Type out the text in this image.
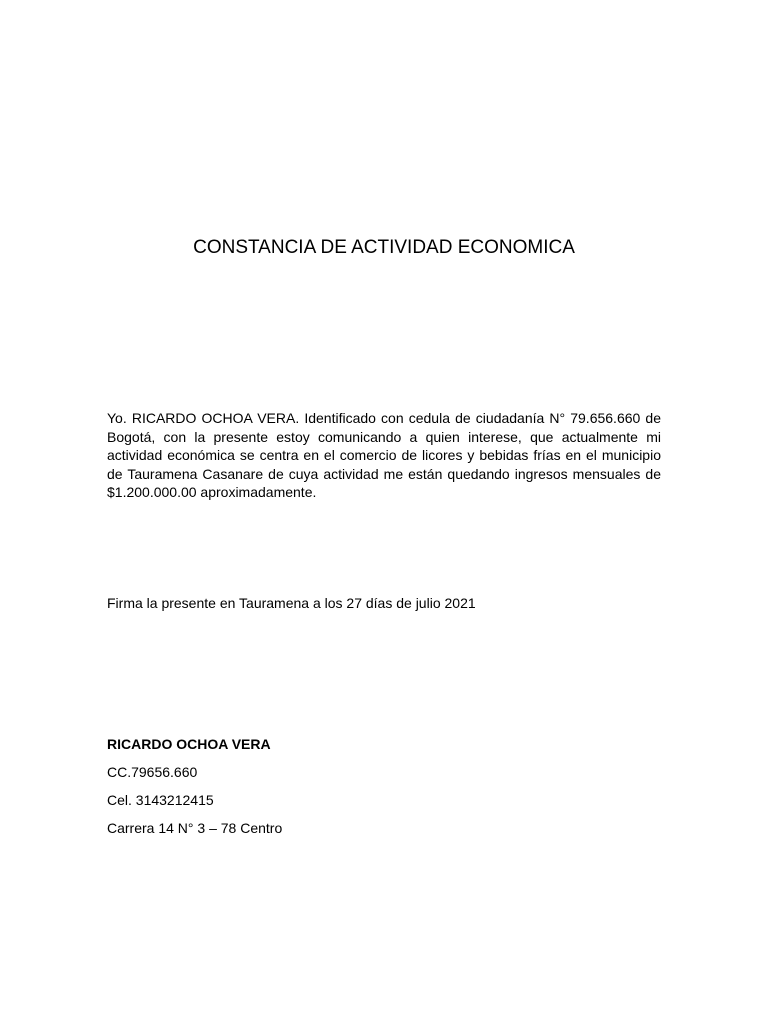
CONSTANCIA DE ACTIVIDAD ECONOMICA
Yo. RICARDO OCHOA VERA. Identificado con cedula de ciudadanía N° 79.656.660 de Bogotá, con la presente estoy comunicando a quien interese, que actualmente mi actividad económica se centra en el comercio de licores y bebidas frías en el municipio de Tauramena Casanare de cuya actividad me están quedando ingresos mensuales de $1.200.000.00 aproximadamente.
Firma la presente en Tauramena a los 27 días de julio 2021
RICARDO OCHOA VERA
CC.79656.660
Cel. 3143212415
Carrera 14 N° 3 – 78 Centro
